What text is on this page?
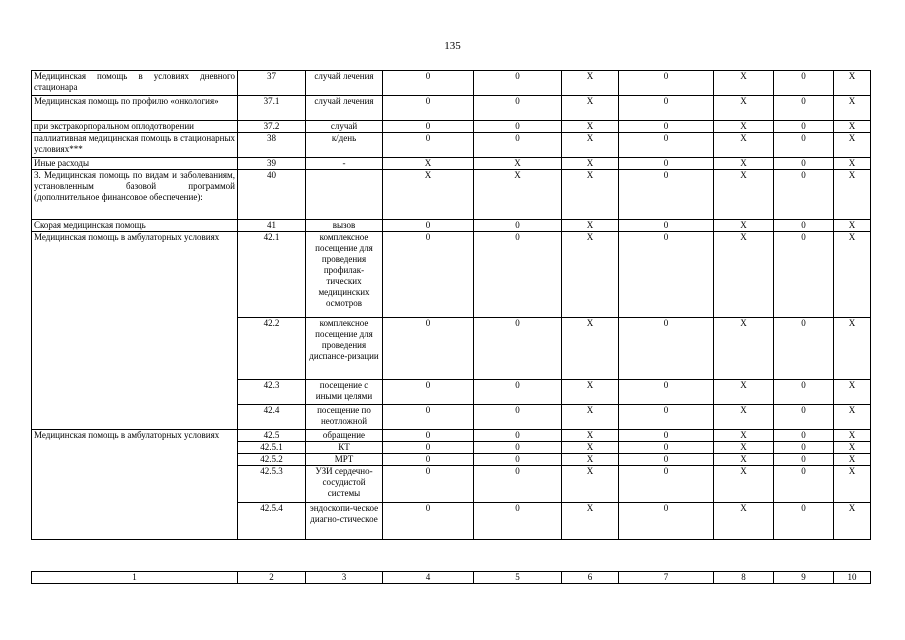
135
Медицинская помощь в условиях дневного стационара	37	случай лечения	0	0	X	0	X	0	X
Медицинская помощь по профилю «онкология»	37.1	случай лечения	0	0	X	0	X	0	X
при экстракорпоральном оплодотворении	37.2	случай	0	0	X	0	X	0	X
паллиативная медицинская помощь в стационарных условиях***	38	к/день	0	0	X	0	X	0	X
Иные расходы	39	-	X	X	X	0	X	0	X
3. Медицинская помощь по видам и заболеваниям, установленным базовой программой (дополнительное финансовое обеспечение):	40		X	X	X	0	X	0	X
Скорая медицинская помощь	41	вызов	0	0	X	0	X	0	X
Медицинская помощь в амбулаторных условиях	42.1	комплексное посещение для проведения профилак-тических медицинских осмотров	0	0	X	0	X	0	X
	42.2	комплексное посещение для проведения диспансе-ризации	0	0	X	0	X	0	X
	42.3	посещение с иными целями	0	0	X	0	X	0	X
	42.4	посещение по неотложной	0	0	X	0	X	0	X
Медицинская помощь в амбулаторных условиях	42.5	обращение	0	0	X	0	X	0	X
	42.5.1	КТ	0	0	X	0	X	0	X
	42.5.2	МРТ	0	0	X	0	X	0	X
	42.5.3	УЗИ сердечно-сосудистой системы	0	0	X	0	X	0	X
	42.5.4	эндоскопи-ческое диагно-стическое	0	0	X	0	X	0	X
1	2	3	4	5	6	7	8	9	10
